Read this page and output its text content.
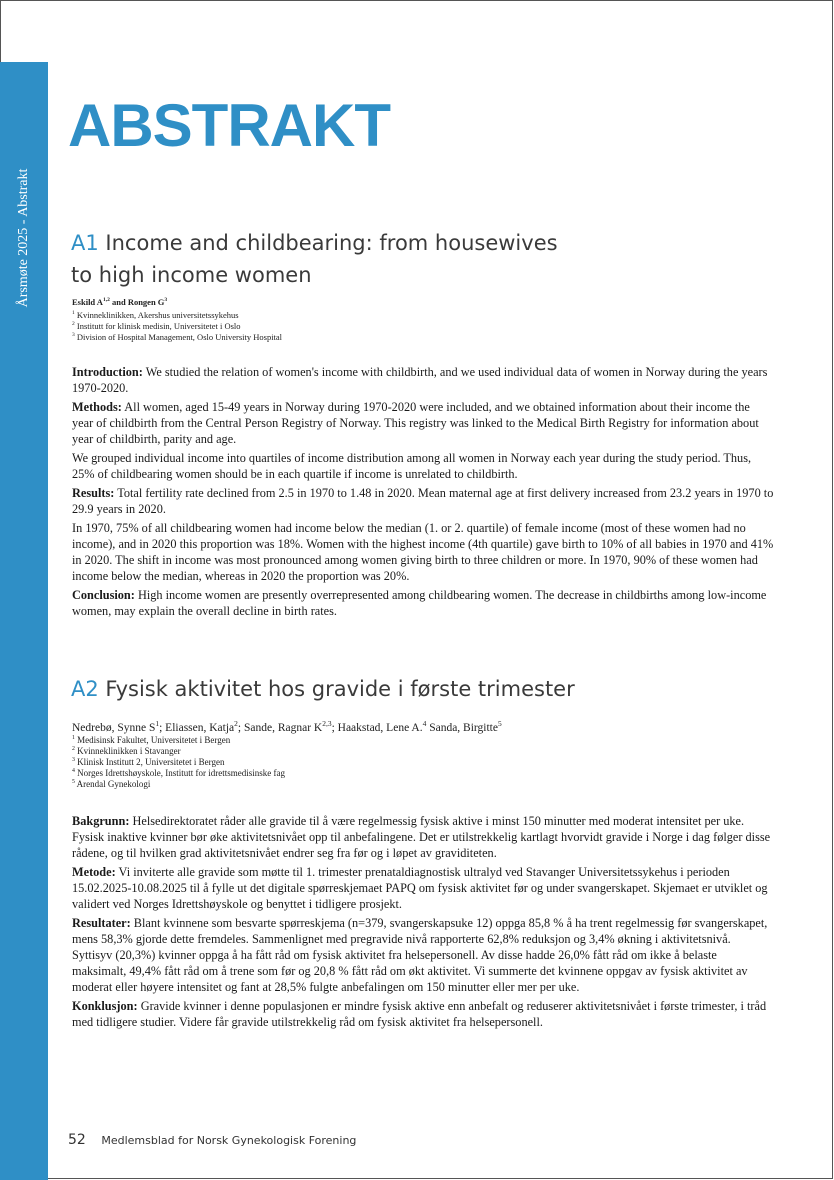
Årsmøte 2025 - Abstrakt
ABSTRAKT
A1 Income and childbearing: from housewives
to high income women
Eskild A$^{1,2}$ and Rongen $G^3$
$^1$ Kvinneklinikken, Akershus universitetssykehus
$^2$ Institutt for klinisk medisin, Universitetet i Oslo
$^3$ Division of Hospital Management, Oslo University Hospital

Introduction: We studied the relation of women's income with childbirth, and we used individual data of women in Norway during the years 1970-2020.

Methods: All women, aged 15-49 years in Norway during 1970-2020 were included, and we obtained information about their income the year of childbirth from the Central Person Registry of Norway. This registry was linked to the Medical Birth Registry for information about year of childbirth, parity and age.

We grouped individual income into quartiles of income distribution among all women in Norway each year during the study period. Thus, 25% of childbearing women should be in each quartile if income is unrelated to childbirth.

Results: Total fertility rate declined from 2.5 in 1970 to 1.48 in 2020. Mean maternal age at first delivery increased from 23.2 years in 1970 to 29.9 years in 2020.

In 1970, 75% of all childbearing women had income below the median (1. or 2. quartile) of female income (most of these women had no income), and in 2020 this proportion was 18%. Women with the highest income (4th quartile) gave birth to 10% of all babies in 1970 and 41% in 2020. The shift in income was most pronounced among women giving birth to three children or more. In 1970, 90% of these women had income below the median, whereas in 2020 the proportion was 20%.

Conclusion: High income women are presently overrepresented among childbearing women. The decrease in childbirths among low-income women, may explain the overall decline in birth rates.

A2 Fysisk aktivitet hos gravide i første trimester
Nedrebø, Synne $S^1$; Eliassen, Katja$^2$; Sande, Ragnar K$^{2,3}$; Haakstad, Lene A.$^4$ Sanda, Birgitte$^5$
$^1$ Medisinsk Fakultet, Universitetet i Bergen
$^2$ Kvinneklinikken i Stavanger
$^3$ Klinisk Institutt 2, Universitetet i Bergen
$^4$ Norges Idrettshøyskole, Institutt for idrettsmedisinske fag
$^5$ Arendal Gynekologi

Bakgrunn: Helsedirektoratet råder alle gravide til å være regelmessig fysisk aktive i minst 150 minutter med moderat intensitet per uke. Fysisk inaktive kvinner bør øke aktivitetsnivået opp til anbefalingene. Det er utilstrekkelig kartlagt hvorvidt gravide i Norge i dag følger disse rådene, og til hvilken grad aktivitetsnivået endrer seg fra før og i løpet av graviditeten.

Metode: Vi inviterte alle gravide som møtte til 1. trimester prenataldiagnostisk ultralyd ved Stavanger Universitetssykehus i perioden 15.02.2025-10.08.2025 til å fylle ut det digitale spørreskjemaet PAPQ om fysisk aktivitet før og under svangerskapet. Skjemaet er utviklet og validert ved Norges Idrettshøyskole og benyttet i tidligere prosjekt.

Resultater: Blant kvinnene som besvarte spørreskjema (n=379, svangerskapsuke 12) oppga 85,8 % å ha trent regelmessig før svangerskapet, mens 58,3% gjorde dette fremdeles. Sammenlignet med pregravide nivå rapporterte 62,8% reduksjon og 3,4% økning i aktivitetsnivå. Syttisyv (20,3%) kvinner oppga å ha fått råd om fysisk aktivitet fra helsepersonell. Av disse hadde 26,0% fått råd om ikke å belaste maksimalt, 49,4% fått råd om å trene som før og 20,8 % fått råd om økt aktivitet. Vi summerte det kvinnene oppgav av fysisk aktivitet av moderat eller høyere intensitet og fant at 28,5% fulgte anbefalingen om 150 minutter eller mer per uke.

Konklusjon: Gravide kvinner i denne populasjonen er mindre fysisk aktive enn anbefalt og reduserer aktivitetsnivået i første trimester, i tråd med tidligere studier. Videre får gravide utilstrekkelig råd om fysisk aktivitet fra helsepersonell.

52 Medlemsblad for Norsk Gynekologisk Forening
